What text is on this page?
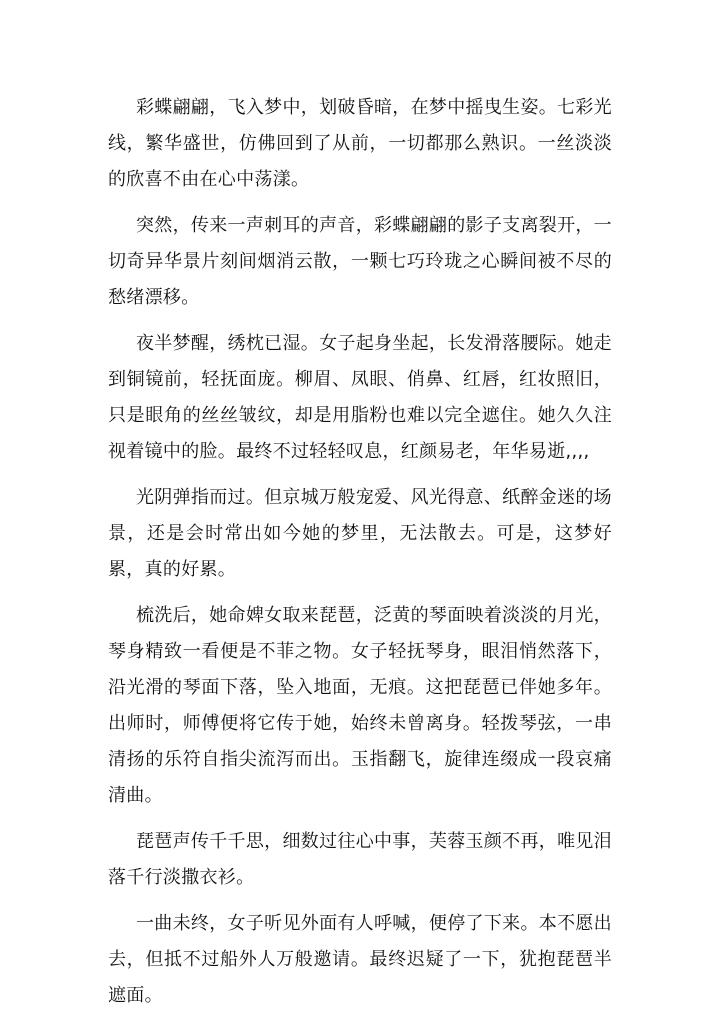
彩蝶翩翩，飞入梦中，划破昏暗，在梦中摇曳生姿。七彩光线，繁华盛世，仿佛回到了从前，一切都那么熟识。一丝淡淡的欣喜不由在心中荡漾。

突然，传来一声刺耳的声音，彩蝶翩翩的影子支离裂开，一切奇异华景片刻间烟消云散，一颗七巧玲珑之心瞬间被不尽的愁绪漂移。

夜半梦醒，绣枕已湿。女子起身坐起，长发滑落腰际。她走到铜镜前，轻抚面庞。柳眉、凤眼、俏鼻、红唇，红妆照旧，只是眼角的丝丝皱纹，却是用脂粉也难以完全遮住。她久久注视着镜中的脸。最终不过轻轻叹息，红颜易老，年华易逝,,,,

光阴弹指而过。但京城万般宠爱、风光得意、纸醉金迷的场景，还是会时常出如今她的梦里，无法散去。可是，这梦好累，真的好累。

梳洗后，她命婢女取来琵琶，泛黄的琴面映着淡淡的月光，琴身精致一看便是不菲之物。女子轻抚琴身，眼泪悄然落下，沿光滑的琴面下落，坠入地面，无痕。这把琵琶已伴她多年。出师时，师傅便将它传于她，始终未曾离身。轻拨琴弦，一串清扬的乐符自指尖流泻而出。玉指翻飞，旋律连缀成一段哀痛清曲。

琵琶声传千千思，细数过往心中事，芙蓉玉颜不再，唯见泪落千行淡撒衣衫。

一曲未终，女子听见外面有人呼喊，便停了下来。本不愿出去，但抵不过船外人万般邀请。最终迟疑了一下，犹抱琵琶半遮面。
